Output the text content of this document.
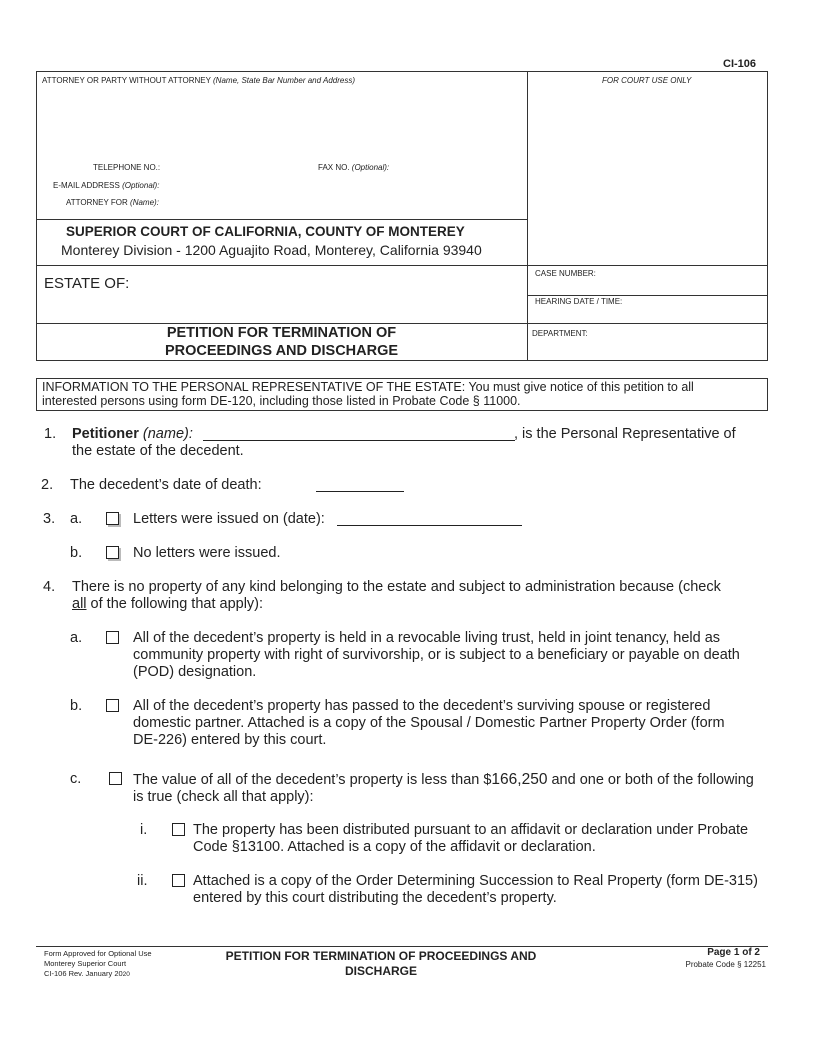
CI-106
ATTORNEY OR PARTY WITHOUT ATTORNEY (Name, State Bar Number and Address)	FOR COURT USE ONLY
TELEPHONE NO.:	FAX NO. (Optional):
E-MAIL ADDRESS (Optional):
ATTORNEY FOR (Name):
SUPERIOR COURT OF CALIFORNIA, COUNTY OF MONTEREY
Monterey Division - 1200 Aguajito Road, Monterey, California 93940
ESTATE OF:
CASE NUMBER:
HEARING DATE / TIME:
DEPARTMENT:
PETITION FOR TERMINATION OF
PROCEEDINGS AND DISCHARGE
INFORMATION TO THE PERSONAL REPRESENTATIVE OF THE ESTATE: You must give notice of this petition to all
interested persons using form DE-120, including those listed in Probate Code § 11000.
1. Petitioner (name):	, is the Personal Representative of
the estate of the decedent.
2. The decedent’s date of death:
3. a.	Letters were issued on (date):
b.	No letters were issued.
4. There is no property of any kind belonging to the estate and subject to administration because (check
all of the following that apply):
a.	All of the decedent’s property is held in a revocable living trust, held in joint tenancy, held as
community property with right of survivorship, or is subject to a beneficiary or payable on death
(POD) designation.
b.	All of the decedent’s property has passed to the decedent’s surviving spouse or registered
domestic partner. Attached is a copy of the Spousal / Domestic Partner Property Order (form
DE-226) entered by this court.
c.	The value of all of the decedent’s property is less than $166,250 and one or both of the following
is true (check all that apply):
i.	The property has been distributed pursuant to an affidavit or declaration under Probate
Code §13100. Attached is a copy of the affidavit or declaration.
ii.	Attached is a copy of the Order Determining Succession to Real Property (form DE-315)
entered by this court distributing the decedent’s property.
Form Approved for Optional Use
Monterey Superior Court
CI-106 Rev. January 2020
PETITION FOR TERMINATION OF PROCEEDINGS AND
DISCHARGE
Page 1 of 2
Probate Code § 12251
